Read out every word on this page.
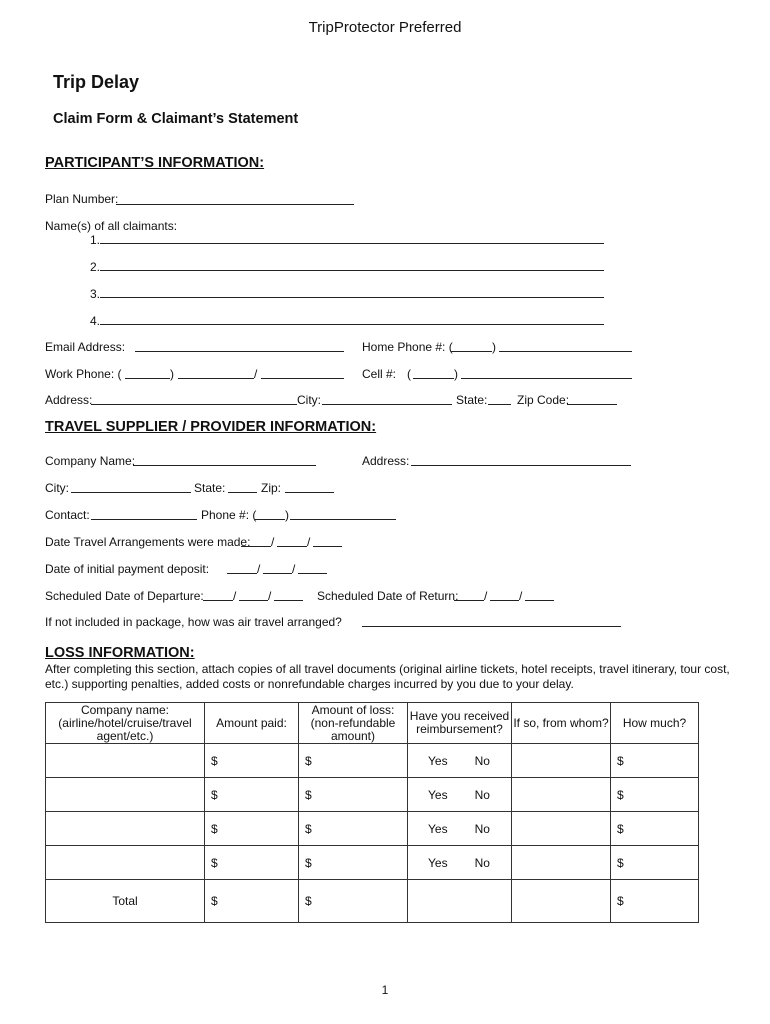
TripProtector Preferred
Trip Delay
Claim Form & Claimant’s Statement
PARTICIPANT’S INFORMATION:
Plan Number:
Name(s) of all claimants:
1.
2.
3.
4.
Email Address:	Home Phone #: (	)
Work Phone: (	)	/	Cell #: (	)
Address:	City:	State: Zip Code:
TRAVEL SUPPLIER / PROVIDER INFORMATION:
Company Name:	Address:
City:	State:	Zip:
Contact:	Phone #: ( )
Date Travel Arrangements were made: /	/
Date of initial payment deposit:	/	/
Scheduled Date of Departure: /	/	Scheduled Date of Return: /	/
If not included in package, how was air travel arranged?
LOSS INFORMATION:
After completing this section, attach copies of all travel documents (original airline tickets, hotel receipts, travel itinerary, tour cost, etc.) supporting penalties, added costs or nonrefundable charges incurred by you due to your delay.
Company name: (airline/hotel/cruise/travel agent/etc.)	Amount paid:	Amount of loss: (non-refundable amount)	Have you received reimbursement?	If so, from whom?	How much?
	$	$	Yes No		$
	$	$	Yes No		$
	$	$	Yes No		$
	$	$	Yes No		$
Total	$	$			$
1
